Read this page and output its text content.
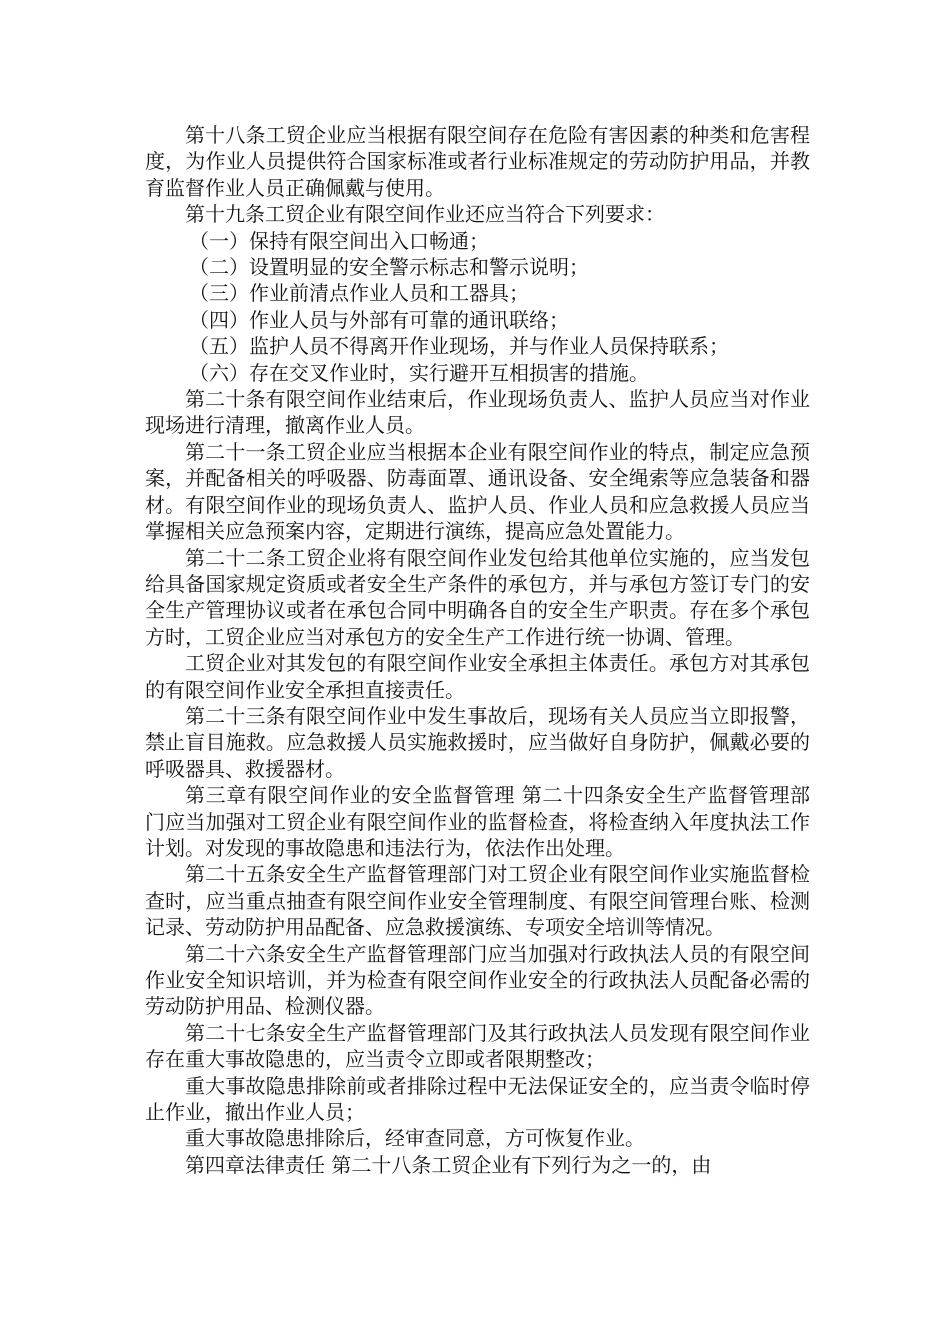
第十八条工贸企业应当根据有限空间存在危险有害因素的种类和危害程度，为作业人员提供符合国家标准或者行业标准规定的劳动防护用品，并教育监督作业人员正确佩戴与使用。

第十九条工贸企业有限空间作业还应当符合下列要求：

（一）保持有限空间出入口畅通；

（二）设置明显的安全警示标志和警示说明；

（三）作业前清点作业人员和工器具；

（四）作业人员与外部有可靠的通讯联络；

（五）监护人员不得离开作业现场，并与作业人员保持联系；

（六）存在交叉作业时，实行避开互相损害的措施。

第二十条有限空间作业结束后，作业现场负责人、监护人员应当对作业现场进行清理，撤离作业人员。

第二十一条工贸企业应当根据本企业有限空间作业的特点，制定应急预案，并配备相关的呼吸器、防毒面罩、通讯设备、安全绳索等应急装备和器材。有限空间作业的现场负责人、监护人员、作业人员和应急救援人员应当掌握相关应急预案内容，定期进行演练，提高应急处置能力。

第二十二条工贸企业将有限空间作业发包给其他单位实施的，应当发包给具备国家规定资质或者安全生产条件的承包方，并与承包方签订专门的安全生产管理协议或者在承包合同中明确各自的安全生产职责。存在多个承包方时，工贸企业应当对承包方的安全生产工作进行统一协调、管理。

工贸企业对其发包的有限空间作业安全承担主体责任。承包方对其承包的有限空间作业安全承担直接责任。

第二十三条有限空间作业中发生事故后，现场有关人员应当立即报警，禁止盲目施救。应急救援人员实施救援时，应当做好自身防护，佩戴必要的呼吸器具、救援器材。

第三章有限空间作业的安全监督管理 第二十四条安全生产监督管理部门应当加强对工贸企业有限空间作业的监督检查，将检查纳入年度执法工作计划。对发现的事故隐患和违法行为，依法作出处理。

第二十五条安全生产监督管理部门对工贸企业有限空间作业实施监督检查时，应当重点抽查有限空间作业安全管理制度、有限空间管理台账、检测记录、劳动防护用品配备、应急救援演练、专项安全培训等情况。

第二十六条安全生产监督管理部门应当加强对行政执法人员的有限空间作业安全知识培训，并为检查有限空间作业安全的行政执法人员配备必需的劳动防护用品、检测仪器。

第二十七条安全生产监督管理部门及其行政执法人员发现有限空间作业存在重大事故隐患的，应当责令立即或者限期整改；

重大事故隐患排除前或者排除过程中无法保证安全的，应当责令临时停止作业，撤出作业人员；

重大事故隐患排除后，经审查同意，方可恢复作业。

第四章法律责任 第二十八条工贸企业有下列行为之一的，由
